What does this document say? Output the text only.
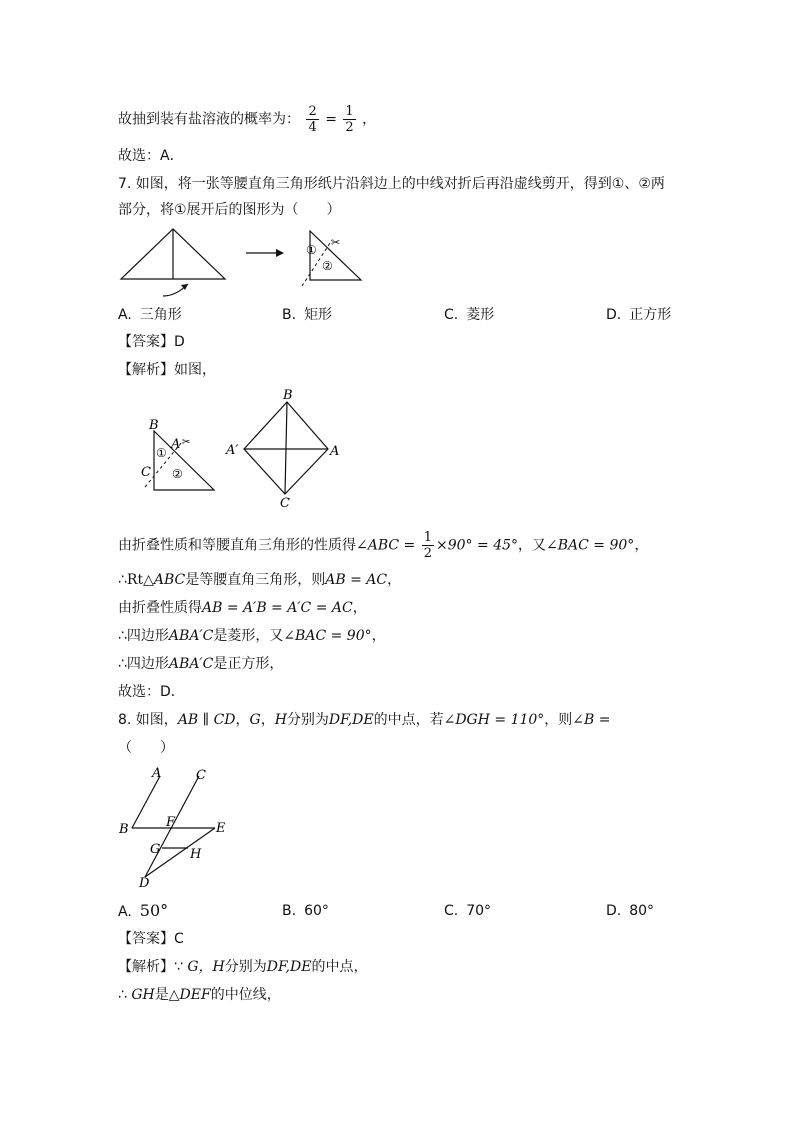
故抽到装有盐溶液的概率为： $\frac{2}{4} = \frac{1}{2}$ ，
故选：A．
7. 如图，将一张等腰直角三角形纸片沿斜边上的中线对折后再沿虚线剪开，得到①、②两
部分，将①展开后的图形为（　　）
①
②
✂
A. 三角形	B. 矩形	C. 菱形	D. 正方形
【答案】D
【解析】如图，
B
A
C
①
②
✂
B
A′	A
C
由折叠性质和等腰直角三角形的性质得∠ABC = $\frac{1}{2} \times 90^\circ = 45^\circ$，又∠BAC = 90°，
∴Rt△ABC是等腰直角三角形，则AB = AC，
由折叠性质得AB = A′B = A′C = AC，
∴四边形ABA′C是菱形，又∠BAC = 90°，
∴四边形ABA′C是正方形，
故选：D．
8. 如图，AB ∥ CD，G，H分别为DF,DE的中点，若∠DGH = 110°，则∠B =
（　　）
A	C
B	F	E
G H
D
A. 50°	B. 60°	C. 70°	D. 80°
【答案】C
【解析】∵ G，H分别为DF,DE的中点，
∴ GH是△DEF的中位线，
